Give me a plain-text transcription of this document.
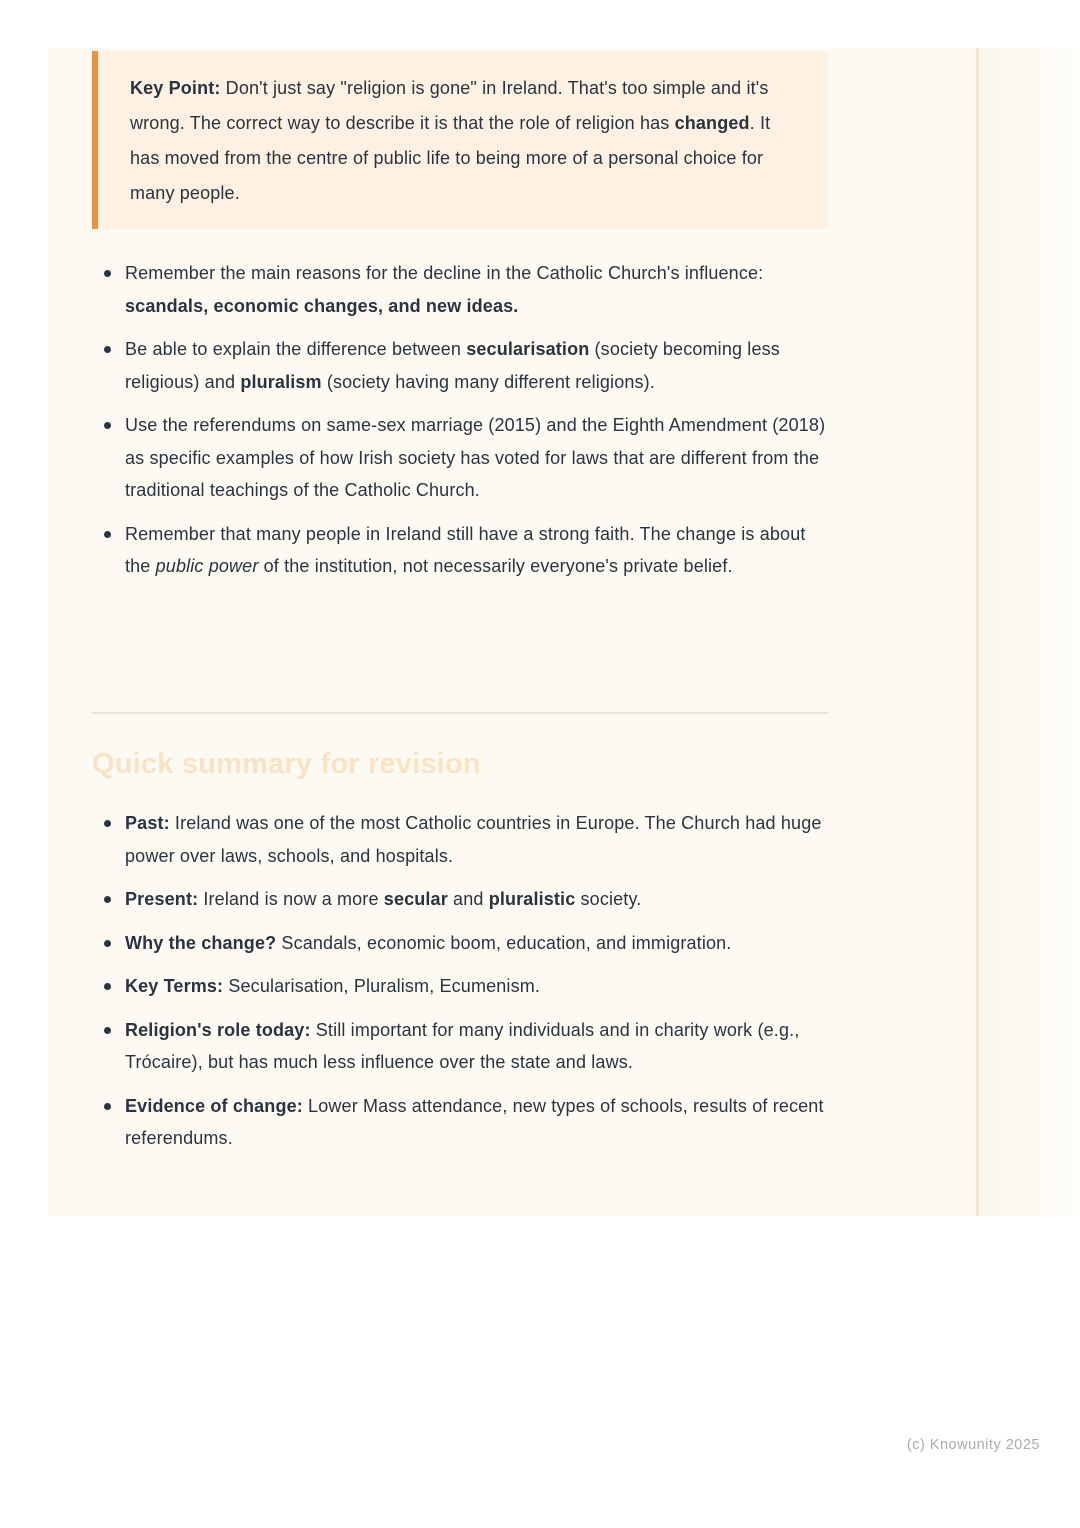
Key Point: Don't just say "religion is gone" in Ireland. That's too simple and it's wrong. The correct way to describe it is that the role of religion has changed. It has moved from the centre of public life to being more of a personal choice for many people.

Remember the main reasons for the decline in the Catholic Church's influence: scandals, economic changes, and new ideas.
Be able to explain the difference between secularisation (society becoming less religious) and pluralism (society having many different religions).
Use the referendums on same-sex marriage (2015) and the Eighth Amendment (2018) as specific examples of how Irish society has voted for laws that are different from the traditional teachings of the Catholic Church.
Remember that many people in Ireland still have a strong faith. The change is about the public power of the institution, not necessarily everyone's private belief.
Quick summary for revision
Past: Ireland was one of the most Catholic countries in Europe. The Church had huge power over laws, schools, and hospitals.
Present: Ireland is now a more secular and pluralistic society.
Why the change? Scandals, economic boom, education, and immigration.
Key Terms: Secularisation, Pluralism, Ecumenism.
Religion's role today: Still important for many individuals and in charity work (e.g., Trócaire), but has much less influence over the state and laws.
Evidence of change: Lower Mass attendance, new types of schools, results of recent referendums.
(c) Knowunity 2025
